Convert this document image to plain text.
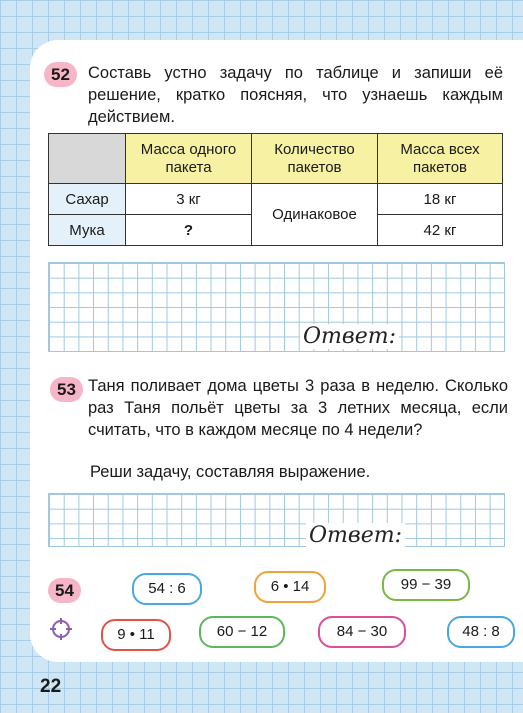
52	Составь устно задачу по таблице и запиши её решение, кратко поясняя, что узнаешь каждым действием.
	Масса одного пакета	Количество пакетов	Масса всех пакетов
Сахар	3 кг	Одинаковое	18 кг
Мука	?		42 кг
Ответ:
53 Таня поливает дома цветы 3 раза в неделю. Сколько раз Таня польёт цветы за 3 летних месяца, если считать, что в каждом месяце по 4 недели?
Реши задачу, составляя выражение.
Ответ:
54	54 : 6	6 • 14	99 − 39
9 • 11	60 − 12	84 − 30	48 : 8
22
